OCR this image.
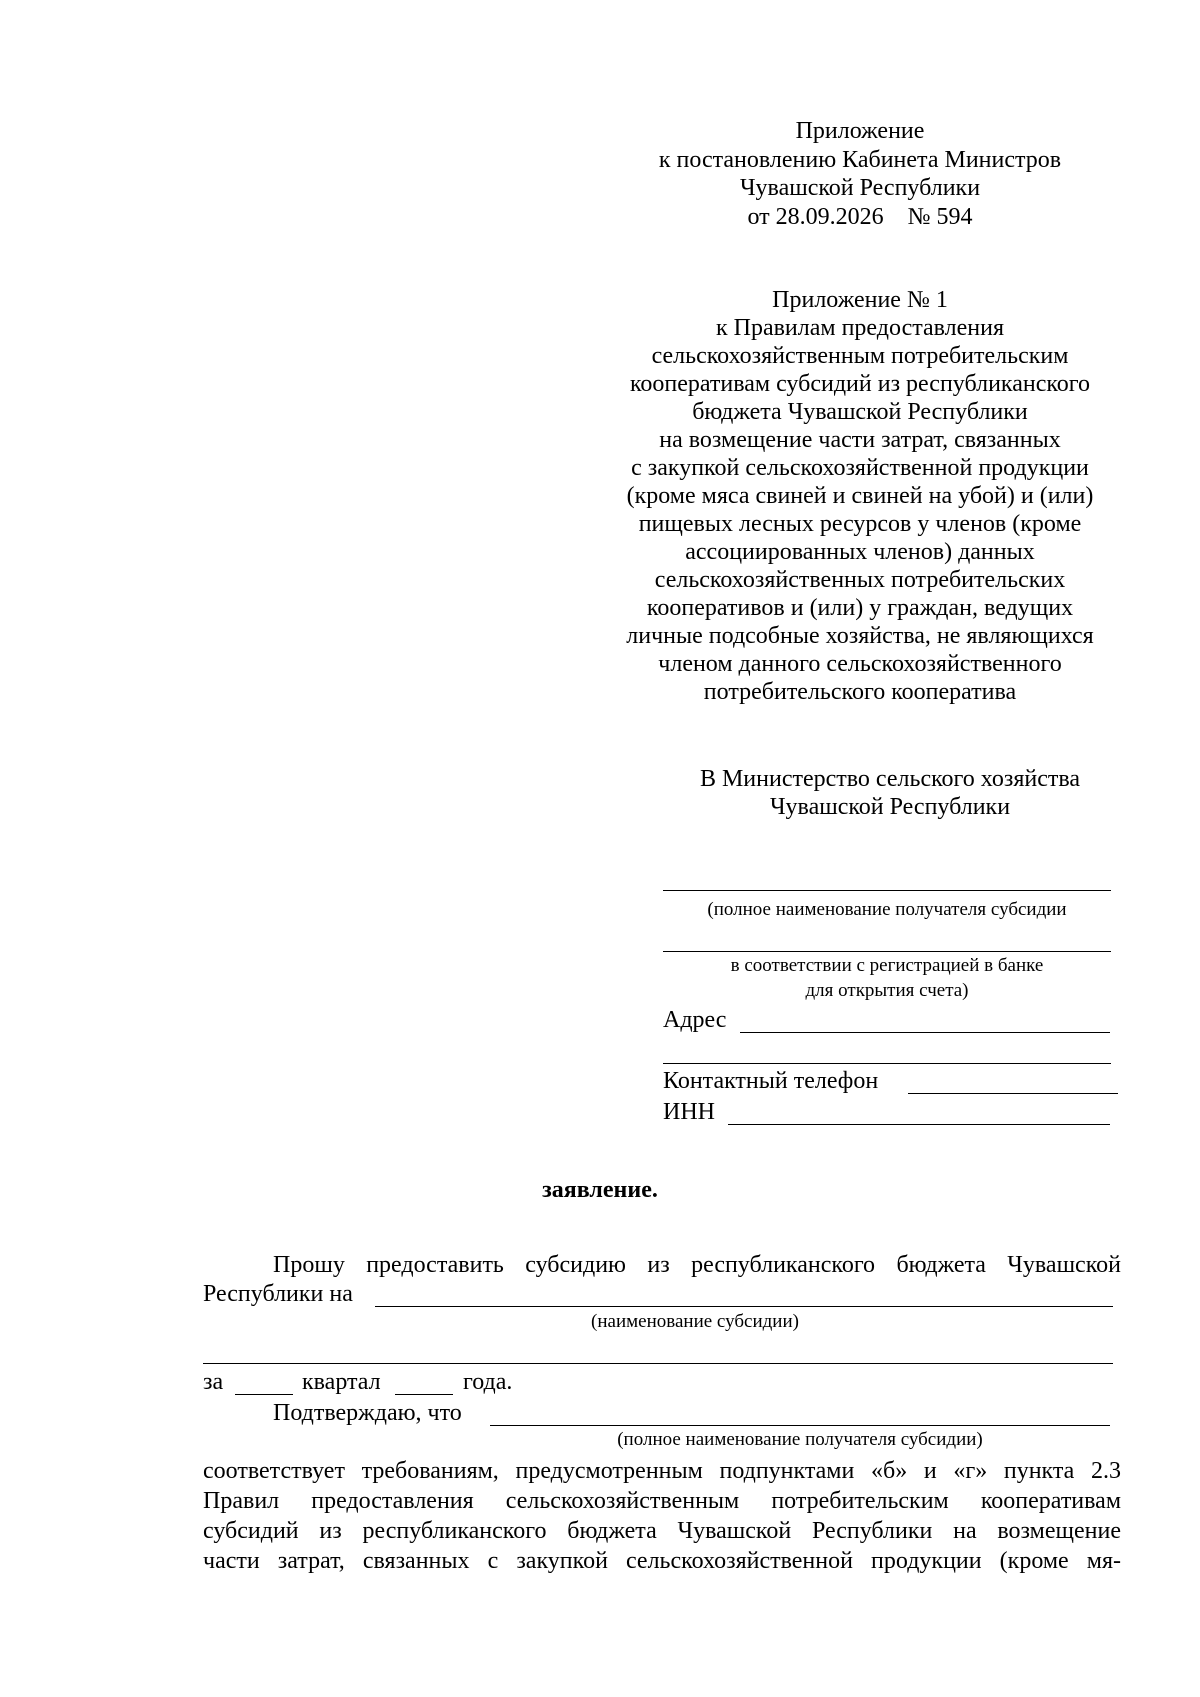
Приложение
к постановлению Кабинета Министров
Чувашской Республики
от 28.09.2026    № 594
Приложение № 1
к Правилам предоставления
сельскохозяйственным потребительским
кооперативам субсидий из республиканского
бюджета Чувашской Республики
на возмещение части затрат, связанных
с закупкой сельскохозяйственной продукции
(кроме мяса свиней и свиней на убой) и (или)
пищевых лесных ресурсов у членов (кроме
ассоциированных членов) данных
сельскохозяйственных потребительских
кооперативов и (или) у граждан, ведущих
личные подсобные хозяйства, не являющихся
членом данного сельскохозяйственного
потребительского кооператива
В Министерство сельского хозяйства
Чувашской Республики
(полное наименование получателя субсидии
в соответствии с регистрацией в банке
для открытия счета)
Адрес
Контактный телефон
ИНН
заявление.
Прошу предоставить субсидию из республиканского бюджета Чувашской
Республики на
(наименование субсидии)
за	квартал	года.
Подтверждаю, что
(полное наименование получателя субсидии)
соответствует требованиям, предусмотренным подпунктами «б» и «г» пункта 2.3
Правил предоставления сельскохозяйственным потребительским кооперативам
субсидий из республиканского бюджета Чувашской Республики на возмещение
части затрат, связанных с закупкой сельскохозяйственной продукции (кроме мя-
